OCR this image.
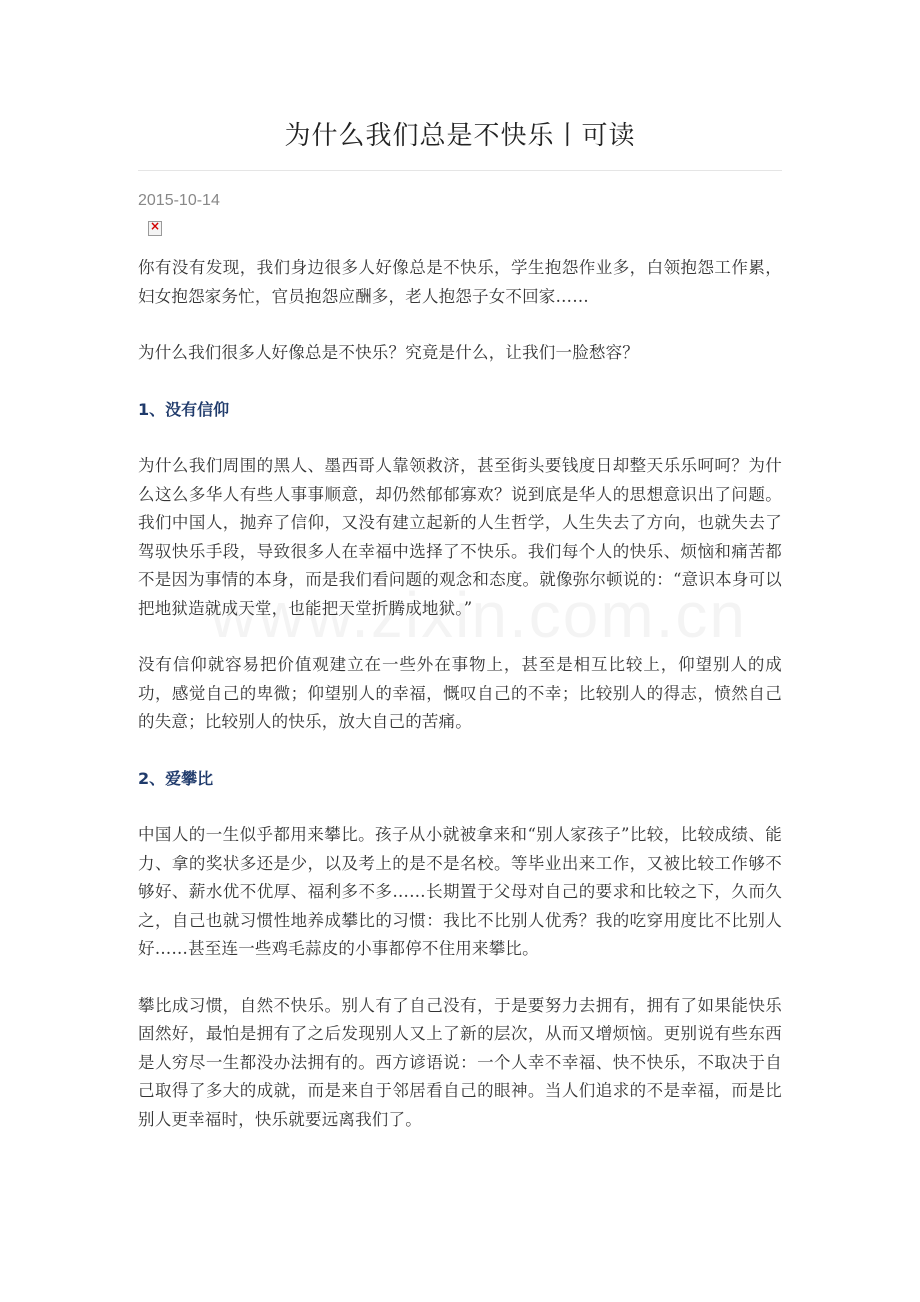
为什么我们总是不快乐丨可读
2015-10-14
×

你有没有发现，我们身边很多人好像总是不快乐，学生抱怨作业多，白领抱怨工作累，妇女抱怨家务忙，官员抱怨应酬多，老人抱怨子女不回家……

为什么我们很多人好像总是不快乐？究竟是什么，让我们一脸愁容？

1、没有信仰

为什么我们周围的黑人、墨西哥人靠领救济，甚至街头要钱度日却整天乐乐呵呵？为什么这么多华人有些人事事顺意，却仍然郁郁寡欢？说到底是华人的思想意识出了问题。我们中国人，抛弃了信仰，又没有建立起新的人生哲学，人生失去了方向，也就失去了驾驭快乐手段，导致很多人在幸福中选择了不快乐。我们每个人的快乐、烦恼和痛苦都不是因为事情的本身，而是我们看问题的观念和态度。就像弥尔顿说的：“意识本身可以把地狱造就成天堂，也能把天堂折腾成地狱。”

没有信仰就容易把价值观建立在一些外在事物上，甚至是相互比较上，仰望别人的成功，感觉自己的卑微；仰望别人的幸福，慨叹自己的不幸；比较别人的得志，愤然自己的失意；比较别人的快乐，放大自己的苦痛。

2、爱攀比

中国人的一生似乎都用来攀比。孩子从小就被拿来和“别人家孩子”比较，比较成绩、能力、拿的奖状多还是少，以及考上的是不是名校。等毕业出来工作，又被比较工作够不够好、薪水优不优厚、福利多不多……长期置于父母对自己的要求和比较之下，久而久之，自己也就习惯性地养成攀比的习惯：我比不比别人优秀？我的吃穿用度比不比别人好……甚至连一些鸡毛蒜皮的小事都停不住用来攀比。

攀比成习惯，自然不快乐。别人有了自己没有，于是要努力去拥有，拥有了如果能快乐固然好，最怕是拥有了之后发现别人又上了新的层次，从而又增烦恼。更别说有些东西是人穷尽一生都没办法拥有的。西方谚语说：一个人幸不幸福、快不快乐，不取决于自己取得了多大的成就，而是来自于邻居看自己的眼神。当人们追求的不是幸福，而是比别人更幸福时，快乐就要远离我们了。
